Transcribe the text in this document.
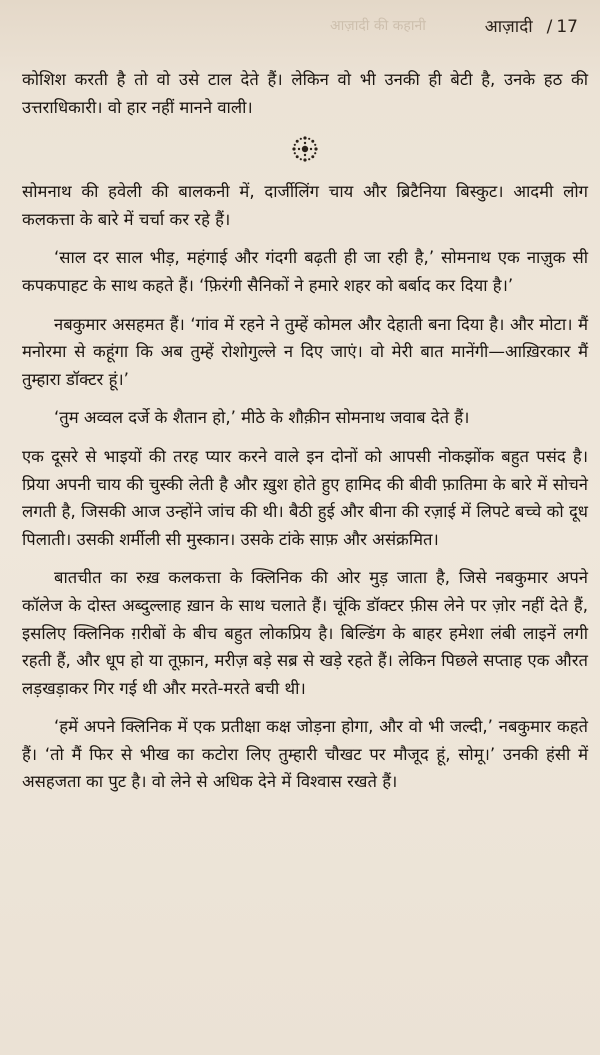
आज़ादी की कहानी	आज़ादी / 17

कोशिश करती है तो वो उसे टाल देते हैं। लेकिन वो भी उनकी ही बेटी है, उनके हठ की उत्तराधिकारी। वो हार नहीं मानने वाली।

सोमनाथ की हवेली की बालकनी में, दार्जीलिंग चाय और ब्रिटैनिया बिस्कुट। आदमी लोग कलकत्ता के बारे में चर्चा कर रहे हैं।

‘साल दर साल भीड़, महंगाई और गंदगी बढ़ती ही जा रही है,’ सोमनाथ एक नाज़ुक सी कपकपाहट के साथ कहते हैं। ‘फ़िरंगी सैनिकों ने हमारे शहर को बर्बाद कर दिया है।’

नबकुमार असहमत हैं। ‘गांव में रहने ने तुम्हें कोमल और देहाती बना दिया है। और मोटा। मैं मनोरमा से कहूंगा कि अब तुम्हें रोशोगुल्ले न दिए जाएं। वो मेरी बात मानेंगी—आख़िरकार मैं तुम्हारा डॉक्टर हूं।’

‘तुम अव्वल दर्जे के शैतान हो,’ मीठे के शौक़ीन सोमनाथ जवाब देते हैं।

एक दूसरे से भाइयों की तरह प्यार करने वाले इन दोनों को आपसी नोकझोंक बहुत पसंद है। प्रिया अपनी चाय की चुस्की लेती है और ख़ुश होते हुए हामिद की बीवी फ़ातिमा के बारे में सोचने लगती है, जिसकी आज उन्होंने जांच की थी। बैठी हुई और बीना की रज़ाई में लिपटे बच्चे को दूध पिलाती। उसकी शर्मीली सी मुस्कान। उसके टांके साफ़ और असंक्रमित।

बातचीत का रुख़ कलकत्ता के क्लिनिक की ओर मुड़ जाता है, जिसे नबकुमार अपने कॉलेज के दोस्त अब्दुल्लाह ख़ान के साथ चलाते हैं। चूंकि डॉक्टर फ़ीस लेने पर ज़ोर नहीं देते हैं, इसलिए क्लिनिक ग़रीबों के बीच बहुत लोकप्रिय है। बिल्डिंग के बाहर हमेशा लंबी लाइनें लगी रहती हैं, और धूप हो या तूफ़ान, मरीज़ बड़े सब्र से खड़े रहते हैं। लेकिन पिछले सप्ताह एक औरत लड़खड़ाकर गिर गई थी और मरते-मरते बची थी।

‘हमें अपने क्लिनिक में एक प्रतीक्षा कक्ष जोड़ना होगा, और वो भी जल्दी,’ नबकुमार कहते हैं। ‘तो मैं फिर से भीख का कटोरा लिए तुम्हारी चौखट पर मौजूद हूं, सोमू।’ उनकी हंसी में असहजता का पुट है। वो लेने से अधिक देने में विश्वास रखते हैं।
